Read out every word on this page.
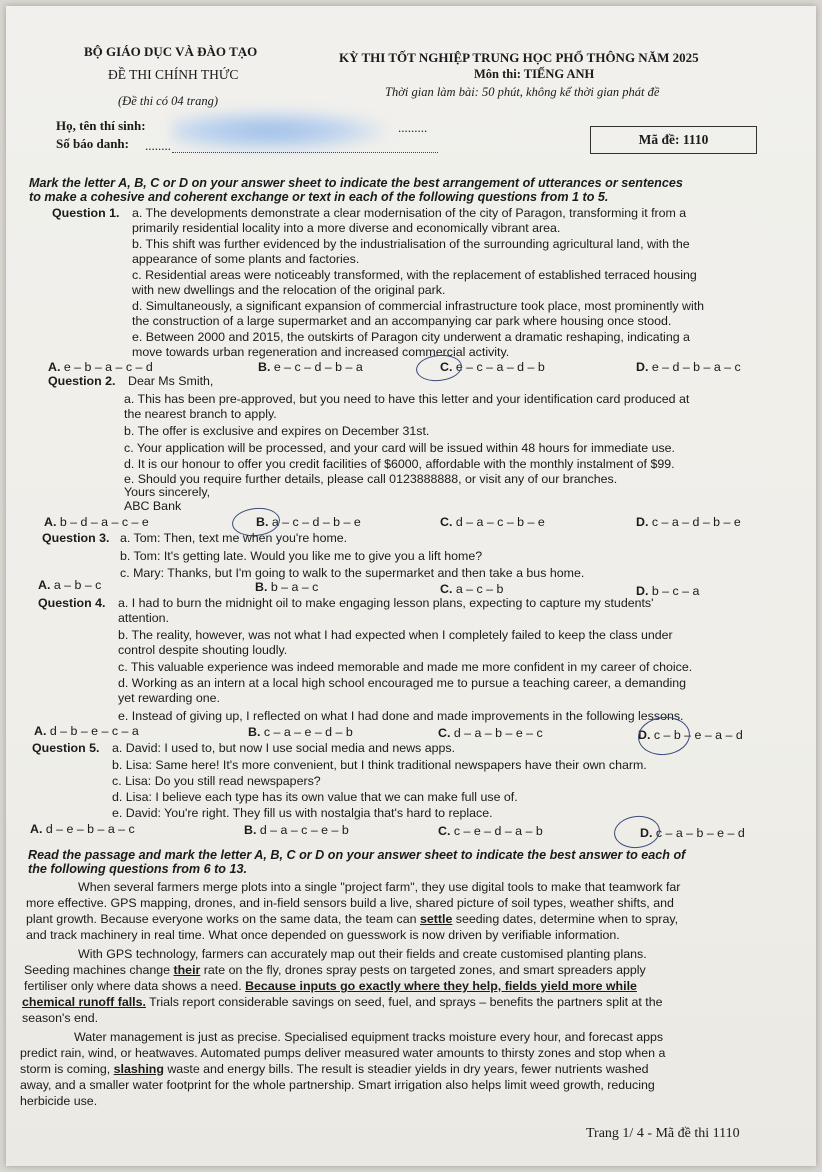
BỘ GIÁO DỤC VÀ ĐÀO TẠO
ĐỀ THI CHÍNH THỨC
(Đề thi có 04 trang)
KỲ THI TỐT NGHIỆP TRUNG HỌC PHỔ THÔNG NĂM 2025
Môn thi: TIẾNG ANH
Thời gian làm bài: 50 phút, không kể thời gian phát đề
Họ, tên thí sinh:	.........
Số báo danh: ........	Mã đề: 1110
Mark the letter A, B, C or D on your answer sheet to indicate the best arrangement of utterances or sentences
to make a cohesive and coherent exchange or text in each of the following questions from 1 to 5.
Question 1. a. The developments demonstrate a clear modernisation of the city of Paragon, transforming it from a
primarily residential locality into a more diverse and economically vibrant area.
b. This shift was further evidenced by the industrialisation of the surrounding agricultural land, with the
appearance of some plants and factories.
c. Residential areas were noticeably transformed, with the replacement of established terraced housing
with new dwellings and the relocation of the original park.
d. Simultaneously, a significant expansion of commercial infrastructure took place, most prominently with
the construction of a large supermarket and an accompanying car park where housing once stood.
e. Between 2000 and 2015, the outskirts of Paragon city underwent a dramatic reshaping, indicating a
move towards urban regeneration and increased commercial activity.
A. e – b – a – c – d	B. e – c – d – b – a	C. e – c – a – d – b	D. e – d – b – a – c
Question 2. Dear Ms Smith,
a. This has been pre-approved, but you need to have this letter and your identification card produced at
the nearest branch to apply.
b. The offer is exclusive and expires on December 31st.
c. Your application will be processed, and your card will be issued within 48 hours for immediate use.
d. It is our honour to offer you credit facilities of $6000, affordable with the monthly instalment of $99.
e. Should you require further details, please call 0123888888, or visit any of our branches.
Yours sincerely,
ABC Bank
A. b – d – a – c – e	B. a – c – d – b – e	C. d – a – c – b – e	D. c – a – d – b – e
Question 3. a. Tom: Then, text me when you're home.
b. Tom: It's getting late. Would you like me to give you a lift home?
c. Mary: Thanks, but I'm going to walk to the supermarket and then take a bus home.
A. a – b – c	B. b – a – c	C. a – c – b	D. b – c – a
Question 4. a. I had to burn the midnight oil to make engaging lesson plans, expecting to capture my students'
attention.
b. The reality, however, was not what I had expected when I completely failed to keep the class under
control despite shouting loudly.
c. This valuable experience was indeed memorable and made me more confident in my career of choice.
d. Working as an intern at a local high school encouraged me to pursue a teaching career, a demanding
yet rewarding one.
e. Instead of giving up, I reflected on what I had done and made improvements in the following lessons.
A. d – b – e – c – a	B. c – a – e – d – b	C. d – a – b – e – c	D. c – b – e – a – d
Question 5. a. David: I used to, but now I use social media and news apps.
b. Lisa: Same here! It's more convenient, but I think traditional newspapers have their own charm.
c. Lisa: Do you still read newspapers?
d. Lisa: I believe each type has its own value that we can make full use of.
e. David: You're right. They fill us with nostalgia that's hard to replace.
A. d – e – b – a – c	B. d – a – c – e – b	C. c – e – d – a – b	D. c – a – b – e – d
Read the passage and mark the letter A, B, C or D on your answer sheet to indicate the best answer to each of
the following questions from 6 to 13.
When several farmers merge plots into a single "project farm", they use digital tools to make that teamwork far
more effective. GPS mapping, drones, and in-field sensors build a live, shared picture of soil types, weather shifts, and
plant growth. Because everyone works on the same data, the team can settle seeding dates, determine when to spray,
and track machinery in real time. What once depended on guesswork is now driven by verifiable information.
With GPS technology, farmers can accurately map out their fields and create customised planting plans.
Seeding machines change their rate on the fly, drones spray pests on targeted zones, and smart spreaders apply
fertiliser only where data shows a need. Because inputs go exactly where they help, fields yield more while
chemical runoff falls. Trials report considerable savings on seed, fuel, and sprays – benefits the partners split at the
season's end.
Water management is just as precise. Specialised equipment tracks moisture every hour, and forecast apps
predict rain, wind, or heatwaves. Automated pumps deliver measured water amounts to thirsty zones and stop when a
storm is coming, slashing waste and energy bills. The result is steadier yields in dry years, fewer nutrients washed
away, and a smaller water footprint for the whole partnership. Smart irrigation also helps limit weed growth, reducing
herbicide use.
Trang 1/ 4 - Mã đề thi 1110
